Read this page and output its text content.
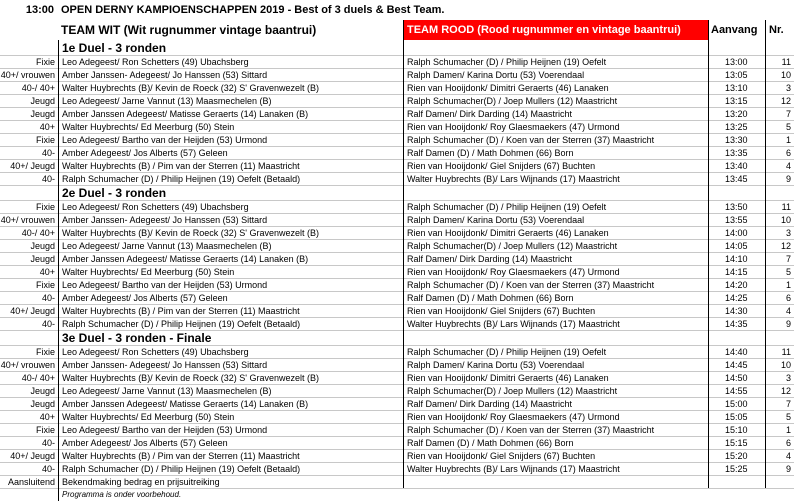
13:00 OPEN DERNY KAMPIOENSCHAPPEN 2019 - Best of 3 duels & Best Team.
TEAM WIT (Wit rugnummer vintage baantrui)	TEAM ROOD (Rood rugnummer en vintage baantrui)	Aanvang	Nr.
1e Duel - 3 ronden
Fixie Leo Adegeest/ Ron Schetters (49) Ubachsberg	Ralph Schumacher (D) / Philip Heijnen (19) Oefelt	13:00	11
40+/ vrouwen Amber Janssen- Adegeest/ Jo Hanssen (53) Sittard	Ralph Damen/ Karina Dortu (53) Voerendaal	13:05	10
40-/ 40+ Walter Huybrechts (B)/ Kevin de Roeck (32) S' Gravenwezelt (B)	Rien van Hooijdonk/ Dimitri Geraerts (46) Lanaken	13:10	3
Jeugd Leo Adegeest/ Jarne Vannut (13) Maasmechelen (B)	Ralph Schumacher(D) / Joep Mullers (12) Maastricht	13:15	12
Jeugd Amber Janssen Adegeest/ Matisse Geraerts (14) Lanaken (B)	Ralf Damen/ Dirk Darding (14) Maastricht	13:20	7
40+ Walter Huybrechts/ Ed Meerburg (50) Stein	Rien van Hooijdonk/ Roy Glaesmaekers (47) Urmond	13:25	5
Fixie Leo Adegeest/ Bartho van der Heijden (53) Urmond	Ralph Schumacher (D) / Koen van der Sterren (37) Maastricht	13:30	1
40- Amber Adegeest/ Jos Alberts (57) Geleen	Ralf Damen (D) / Math Dohmen (66) Born	13:35	6
40+/ Jeugd Walter Huybrechts (B) / Pim van der Sterren (11) Maastricht	Rien van Hooijdonk/ Giel Snijders (67) Buchten	13:40	4
40- Ralph Schumacher (D) / Philip Heijnen (19) Oefelt (Betaald)	Walter Huybrechts (B)/ Lars Wijnands (17) Maastricht	13:45	9
2e Duel - 3 ronden
Fixie Leo Adegeest/ Ron Schetters (49) Ubachsberg	Ralph Schumacher (D) / Philip Heijnen (19) Oefelt	13:50	11
40+/ vrouwen Amber Janssen- Adegeest/ Jo Hanssen (53) Sittard	Ralph Damen/ Karina Dortu (53) Voerendaal	13:55	10
40-/ 40+ Walter Huybrechts (B)/ Kevin de Roeck (32) S' Gravenwezelt (B)	Rien van Hooijdonk/ Dimitri Geraerts (46) Lanaken	14:00	3
Jeugd Leo Adegeest/ Jarne Vannut (13) Maasmechelen (B)	Ralph Schumacher(D) / Joep Mullers (12) Maastricht	14:05	12
Jeugd Amber Janssen Adegeest/ Matisse Geraerts (14) Lanaken (B)	Ralf Damen/ Dirk Darding (14) Maastricht	14:10	7
40+ Walter Huybrechts/ Ed Meerburg (50) Stein	Rien van Hooijdonk/ Roy Glaesmaekers (47) Urmond	14:15	5
Fixie Leo Adegeest/ Bartho van der Heijden (53) Urmond	Ralph Schumacher (D) / Koen van der Sterren (37) Maastricht	14:20	1
40- Amber Adegeest/ Jos Alberts (57) Geleen	Ralf Damen (D) / Math Dohmen (66) Born	14:25	6
40+/ Jeugd Walter Huybrechts (B) / Pim van der Sterren (11) Maastricht	Rien van Hooijdonk/ Giel Snijders (67) Buchten	14:30	4
40- Ralph Schumacher (D) / Philip Heijnen (19) Oefelt (Betaald)	Walter Huybrechts (B)/ Lars Wijnands (17) Maastricht	14:35	9
3e Duel - 3 ronden - Finale
Fixie Leo Adegeest/ Ron Schetters (49) Ubachsberg	Ralph Schumacher (D) / Philip Heijnen (19) Oefelt	14:40	11
40+/ vrouwen Amber Janssen- Adegeest/ Jo Hanssen (53) Sittard	Ralph Damen/ Karina Dortu (53) Voerendaal	14:45	10
40-/ 40+ Walter Huybrechts (B)/ Kevin de Roeck (32) S' Gravenwezelt (B)	Rien van Hooijdonk/ Dimitri Geraerts (46) Lanaken	14:50	3
Jeugd Leo Adegeest/ Jarne Vannut (13) Maasmechelen (B)	Ralph Schumacher(D) / Joep Mullers (12) Maastricht	14:55	12
Jeugd Amber Janssen Adegeest/ Matisse Geraerts (14) Lanaken (B)	Ralf Damen/ Dirk Darding (14) Maastricht	15:00	7
40+ Walter Huybrechts/ Ed Meerburg (50) Stein	Rien van Hooijdonk/ Roy Glaesmaekers (47) Urmond	15:05	5
Fixie Leo Adegeest/ Bartho van der Heijden (53) Urmond	Ralph Schumacher (D) / Koen van der Sterren (37) Maastricht	15:10	1
40- Amber Adegeest/ Jos Alberts (57) Geleen	Ralf Damen (D) / Math Dohmen (66) Born	15:15	6
40+/ Jeugd Walter Huybrechts (B) / Pim van der Sterren (11) Maastricht	Rien van Hooijdonk/ Giel Snijders (67) Buchten	15:20	4
40- Ralph Schumacher (D) / Philip Heijnen (19) Oefelt (Betaald)	Walter Huybrechts (B)/ Lars Wijnands (17) Maastricht	15:25	9
Aansluitend Bekendmaking bedrag en prijsuitreiking
Programma is onder voorbehoud.
